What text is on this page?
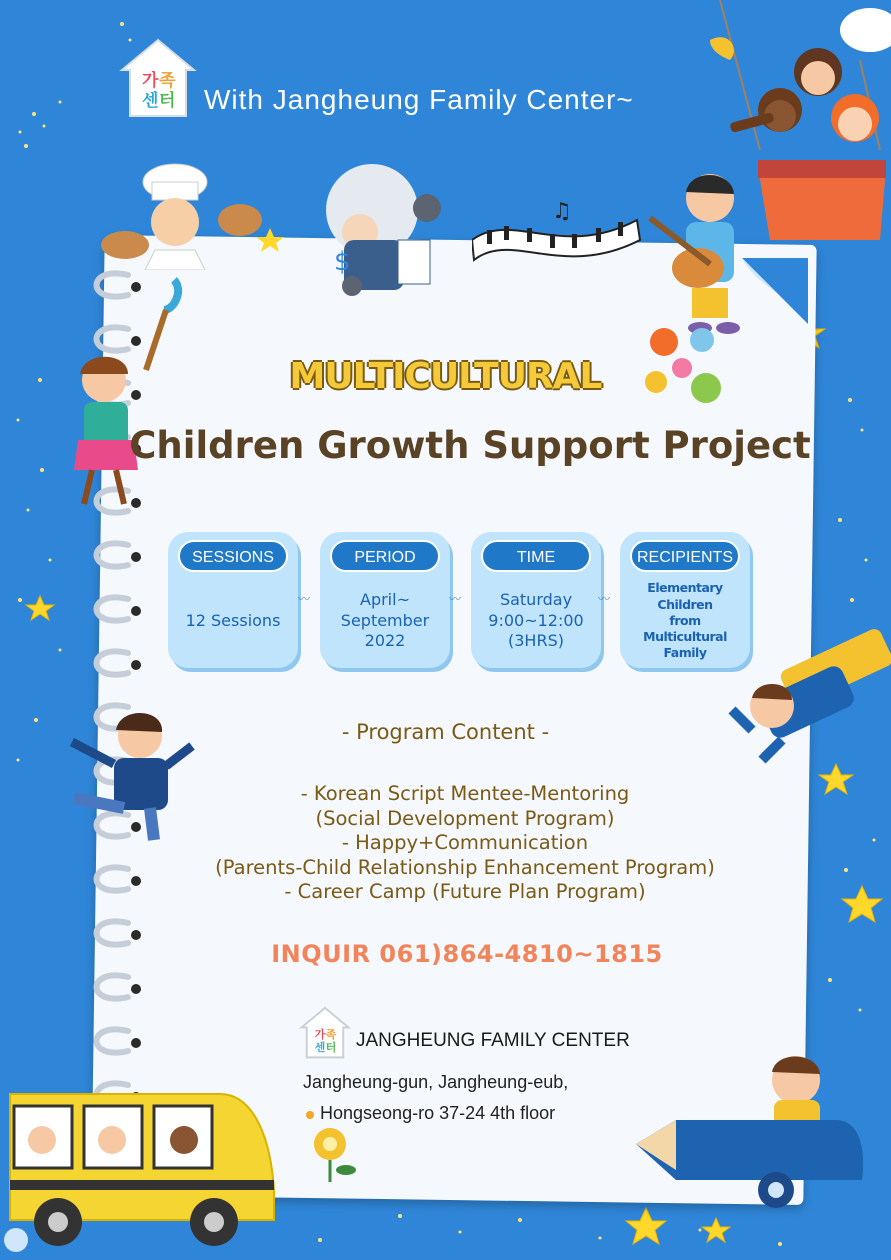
가 족
센 터 With Jangheung Family Center~
$
♫
MULTICULTURAL
Children Growth Support Project
SESSIONS
12 Sessions
〰
PERIOD
April~
September
2022
〰
TIME
Saturday
9:00~12:00
(3HRS)
〰
RECIPIENTS
Elementary Children
from
Multicultural
Family
- Program Content -
- Korean Script Mentee-Mentoring
(Social Development Program)
- Happy+Communication
(Parents-Child Relationship Enhancement Program)
- Career Camp (Future Plan Program)
INQUIR 061)864-4810~1815
가 족
센 터 JANGHEUNG FAMILY CENTER
Jangheung-gun, Jangheung-eub,
Hongseong-ro 37-24 4th floor
